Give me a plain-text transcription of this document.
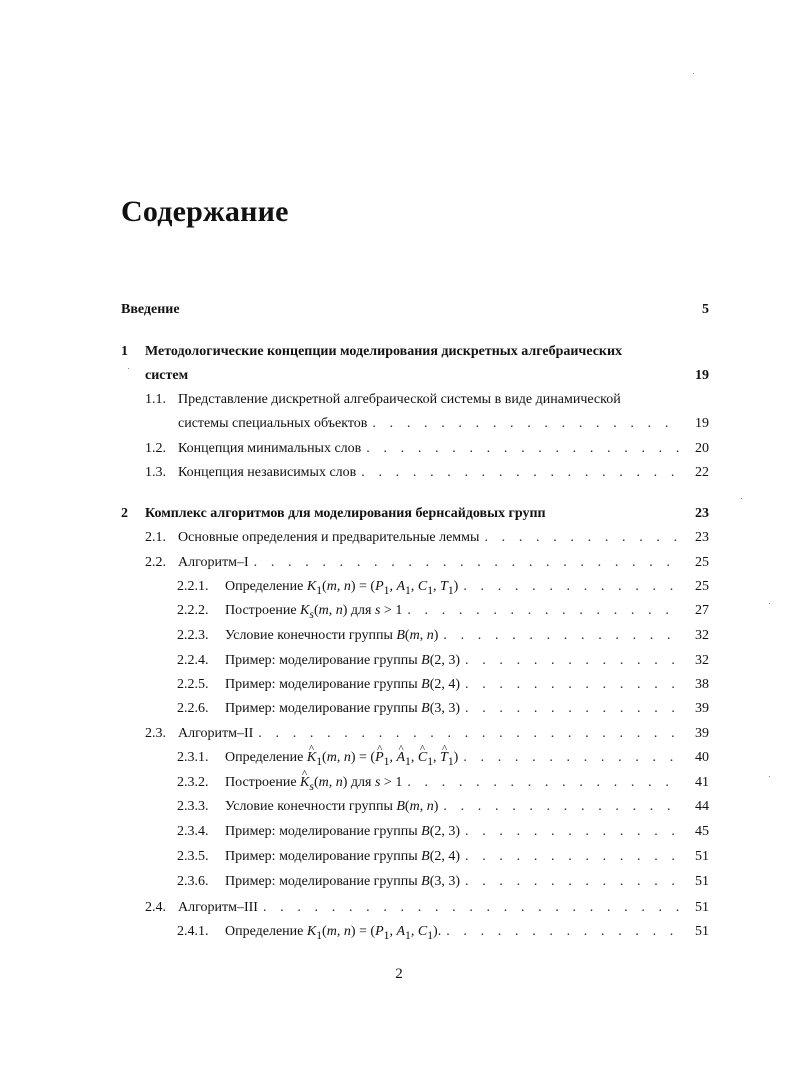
Содержание
Введение	5
1 Методологические концепции моделирования дискретных алгебраических
систем	19
1.1. Представление дискретной алгебраической системы в виде динамической
системы специальных объектов . . .	19
1.2. Концепция минимальных слов . . .	20
1.3. Концепция независимых слов . . .	22
2 Комплекс алгоритмов для моделирования бернсайдовых групп	23
2.1. Основные определения и предварительные леммы . . .	23
2.2. Алгоритм–I . . .	25
2.2.1. Определение $K_1(m$, $n) = (P_1$, $A_1$, $C_1$, $T_1$) . . .	25
2.2.2. Построение $K_s(m$, n) для s > 1 . . .	27
2.2.3. Условие конечности группы B(m, n) . . .	32
2.2.4. Пример: моделирование группы B(2, 3) . . .	32
2.2.5. Пример: моделирование группы B(2, 4) . . .	38
2.2.6. Пример: моделирование группы B(3, 3) . . .	39
2.3. Алгоритм–II . . .	39
2.3.1. Определение K $\^{}_1(m$, n) = (P $\^{}_1$, A $\^{}_1$, C $\^{}_1$, T $\^{}_1$) . . .	40
2.3.2. Построение K $\^{}_s(m$, n) для s > 1 . . .	41
2.3.3. Условие конечности группы B(m, n) . . .	44
2.3.4. Пример: моделирование группы B(2, 3) . . .	45
2.3.5. Пример: моделирование группы B(2, 4) . . .	51
2.3.6. Пример: моделирование группы B(3, 3) . . .	51
2.4. Алгоритм–III . . .	51
2.4.1. Определение $K_1(m$, $n) = (P_1$, $A_1$, $C_1$). . . .	51
2
